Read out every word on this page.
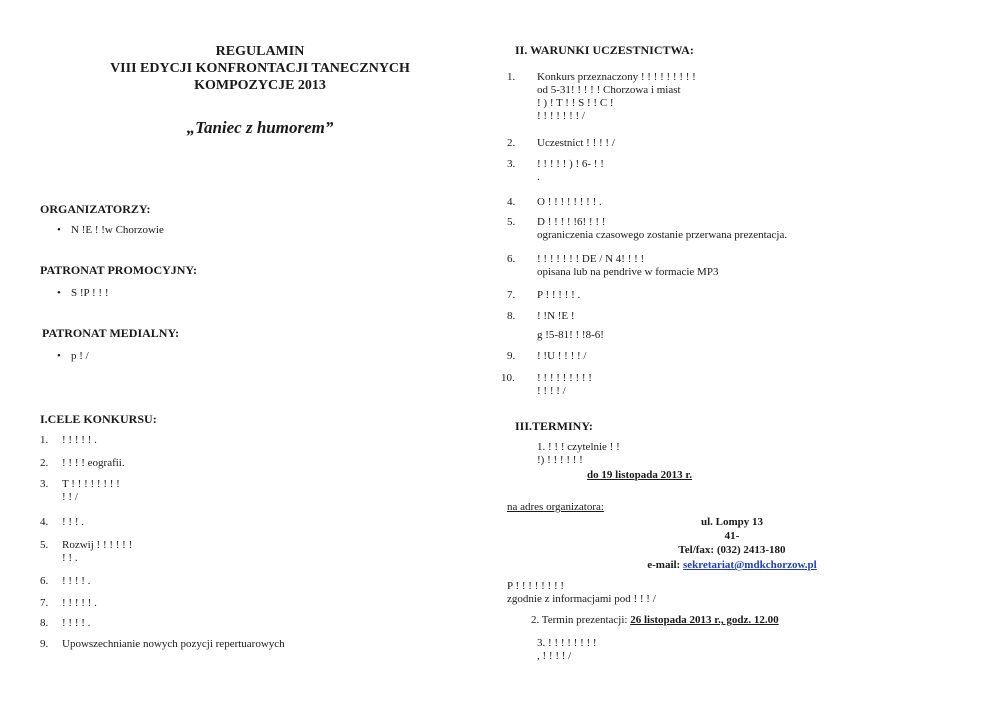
REGULAMIN
VIII EDYCJI KONFRONTACJI TANECZNYCH
KOMPOZYCJE 2013
„Taniec z humorem”
ORGANIZATORZY:
• N !E ! !w Chorzowie
PATRONAT PROMOCYJNY:
• S !P ! ! !
PATRONAT MEDIALNY:
• p ! /
I.CELE KONKURSU:
1. ! ! ! ! ! .
2. ! ! ! ! eografii.
3. T ! ! ! ! ! ! ! !
! ! /
4. ! ! ! .
5. Rozwij ! ! ! ! ! !
! ! .
6. ! ! ! ! .
7. ! ! ! ! ! .
8. ! ! ! ! .
9. Upowszechnianie nowych pozycji repertuarowych
II. WARUNKI UCZESTNICTWA:
1. Konkurs przeznaczony ! ! ! ! ! ! ! ! !
od 5-31! ! ! ! ! Chorzowa i miast
! ) ! T ! ! S ! ! C !
! ! ! ! ! ! ! /
2. Uczestnict ! ! ! ! /
3. ! ! ! ! ! ) ! 6- ! !
.
4. O ! ! ! ! ! ! ! ! .
5. D ! ! ! ! !6! ! ! !
ograniczenia czasowego zostanie przerwana prezentacja.
6. ! ! ! ! ! ! ! DE / N 4! ! ! !
opisana lub na pendrive w formacie MP3
7. P ! ! ! ! ! .
8. ! !N !E !
g !5-81! ! !8-6!
9. ! !U ! ! ! ! /
10. ! ! ! ! ! ! ! ! !
! ! ! ! /
III.TERMINY:
1. ! ! ! czytelnie ! !
!) ! ! ! ! ! !
do 19 listopada 2013 r.
na adres organizatora:
ul. Lompy 13
41-
Tel/fax: (032) 2413-180
e-mail: sekretariat@mdkchorzow.pl
P ! ! ! ! ! ! ! !
zgodnie z informacjami pod ! ! ! /
2. Termin prezentacji: 26 listopada 2013 r., godz. 12.00
3. ! ! ! ! ! ! ! !
, ! ! ! ! /
